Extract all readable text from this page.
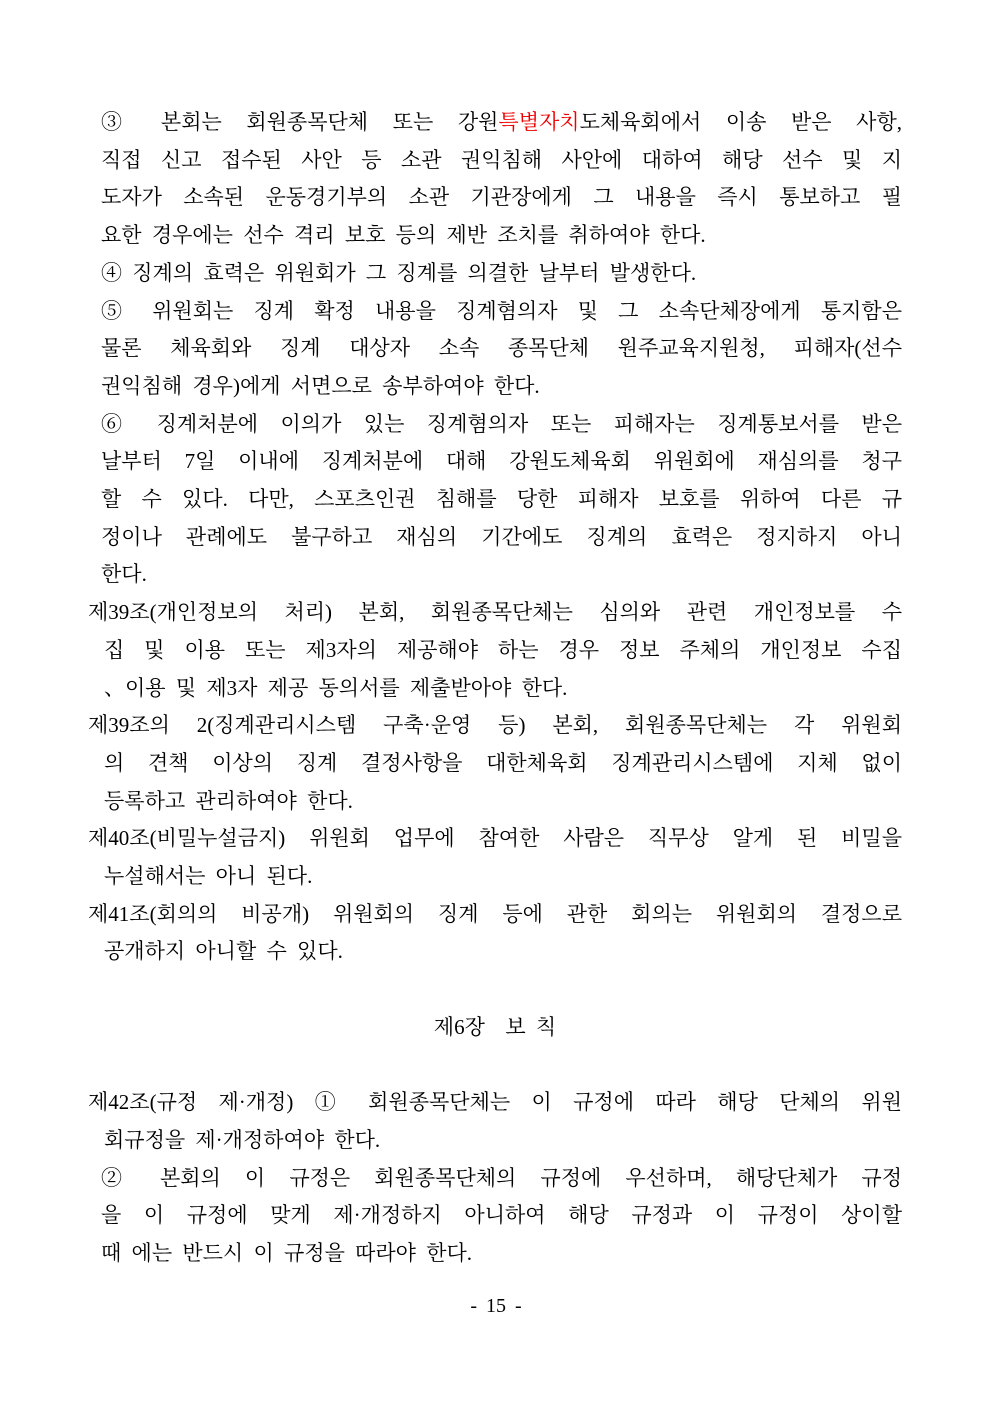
③ 본회는 회원종목단체 또는 강원특별자치도체육회에서 이송 받은 사항,
직접 신고 접수된 사안 등 소관 권익침해 사안에 대하여 해당 선수 및 지
도자가 소속된 운동경기부의 소관 기관장에게 그 내용을 즉시 통보하고 필
요한 경우에는 선수 격리 보호 등의 제반 조치를 취하여야 한다.
④ 징계의 효력은 위원회가 그 징계를 의결한 날부터 발생한다.
⑤ 위원회는 징계 확정 내용을 징계혐의자 및 그 소속단체장에게 통지함은
물론 체육회와 징계 대상자 소속 종목단체 원주교육지원청, 피해자(선수
권익침해 경우)에게 서면으로 송부하여야 한다.
⑥ 징계처분에 이의가 있는 징계혐의자 또는 피해자는 징계통보서를 받은
날부터 7일 이내에 징계처분에 대해 강원도체육회 위원회에 재심의를 청구
할 수 있다. 다만, 스포츠인권 침해를 당한 피해자 보호를 위하여 다른 규
정이나 관례에도 불구하고 재심의 기간에도 징계의 효력은 정지하지 아니
한다.
제39조(개인정보의 처리) 본회, 회원종목단체는 심의와 관련 개인정보를 수
집 및 이용 또는 제3자의 제공해야 하는 경우 정보 주체의 개인정보 수집
、이용 및 제3자 제공 동의서를 제출받아야 한다.
제39조의 2(징계관리시스템 구축·운영 등) 본회, 회원종목단체는 각 위원회
의 견책 이상의 징계 결정사항을 대한체육회 징계관리시스템에 지체 없이
등록하고 관리하여야 한다.
제40조(비밀누설금지) 위원회 업무에 참여한 사람은 직무상 알게 된 비밀을
누설해서는 아니 된다.
제41조(회의의 비공개) 위원회의 징계 등에 관한 회의는 위원회의 결정으로
공개하지 아니할 수 있다.
제6장  보 칙
제42조(규정 제·개정) ① 회원종목단체는 이 규정에 따라 해당 단체의 위원
회규정을 제·개정하여야 한다.
② 본회의 이 규정은 회원종목단체의 규정에 우선하며, 해당단체가 규정
을 이 규정에 맞게 제·개정하지 아니하여 해당 규정과 이 규정이 상이할
때 에는 반드시 이 규정을 따라야 한다.
- 15 -
